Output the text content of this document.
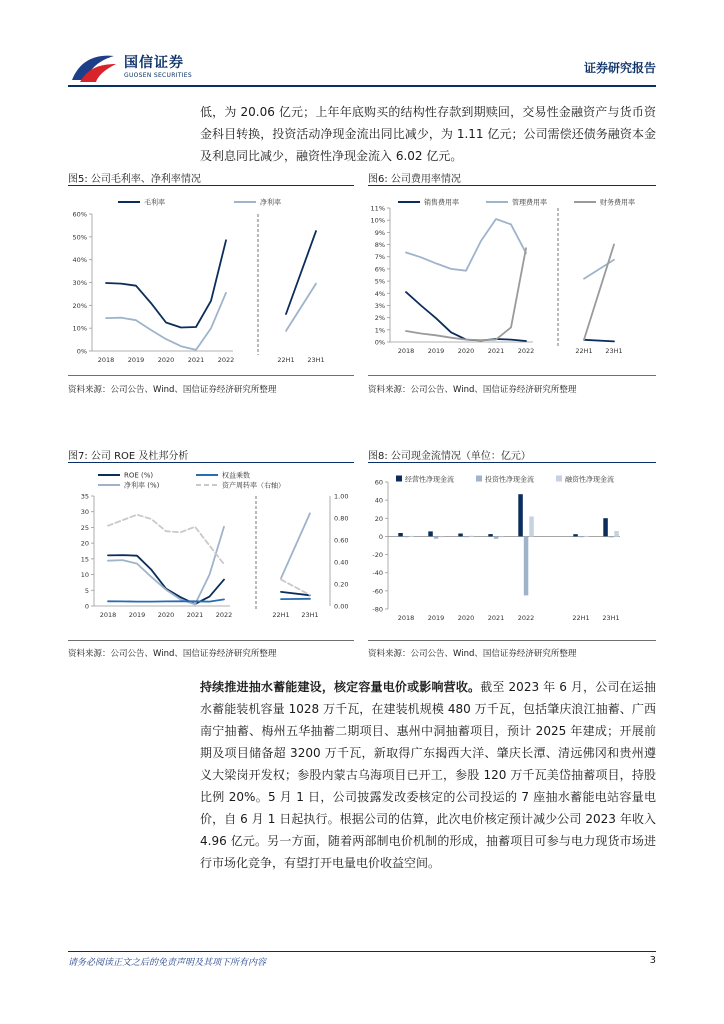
国信证券
GUOSEN SECURITIES
证券研究报告
低，为 20.06 亿元；上年年底购买的结构性存款到期赎回，交易性金融资产与货币资金科目转换，投资活动净现金流出同比减少，为 1.11 亿元；公司需偿还债务融资本金及利息同比减少，融资性净现金流入 6.02 亿元。
图5: 公司毛利率、净利率情况
0%
10%
20%
30%
40%
50%
60%
2018 2019 2020 2021 2022	22H1 23H1
毛利率	净利率
资料来源：公司公告、Wind、国信证券经济研究所整理
图6: 公司费用率情况
0%
1%
2%
3%
4%
5%
6%
7%
8%
9%
10%
11%
2018 2019 2020 2021 2022	22H1 23H1
销售费用率	管理费用率	财务费用率
资料来源：公司公告、Wind、国信证券经济研究所整理
图7: 公司 ROE 及杜邦分析
0
5
10
15
20
25
30
35
0.00
0.20
0.40
0.60
0.80
1.00
2018 2019 2020 2021 2022	22H1 23H1
ROE (%)
净利率 (%)
权益乘数
资产周转率（右轴）
资料来源：公司公告、Wind、国信证券经济研究所整理
图8: 公司现金流情况（单位：亿元）
-80
-60
-40
-20
0
20
40
60
2018 2019 2020 2021 2022	22H1 23H1
经营性净现金流	投资性净现金流	融资性净现金流
资料来源：公司公告、Wind、国信证券经济研究所整理
持续推进抽水蓄能建设，核定容量电价或影响营收。截至 2023 年 6 月，公司在运抽水蓄能装机容量 1028 万千瓦，在建装机规模 480 万千瓦，包括肇庆浪江抽蓄、广西南宁抽蓄、梅州五华抽蓄二期项目、惠州中洞抽蓄项目，预计 2025 年建成；开展前期及项目储备超 3200 万千瓦，新取得广东揭西大洋、肇庆长潭、清远佛冈和贵州遵义大梁岗开发权；参股内蒙古乌海项目已开工，参股 120 万千瓦美岱抽蓄项目，持股比例 20%。5 月 1 日，公司披露发改委核定的公司投运的 7 座抽水蓄能电站容量电价，自 6 月 1 日起执行。根据公司的估算，此次电价核定预计减少公司 2023 年收入 4.96 亿元。另一方面，随着两部制电价机制的形成，抽蓄项目可参与电力现货市场进行市场化竞争，有望打开电量电价收益空间。
请务必阅读正文之后的免责声明及其项下所有内容	3
